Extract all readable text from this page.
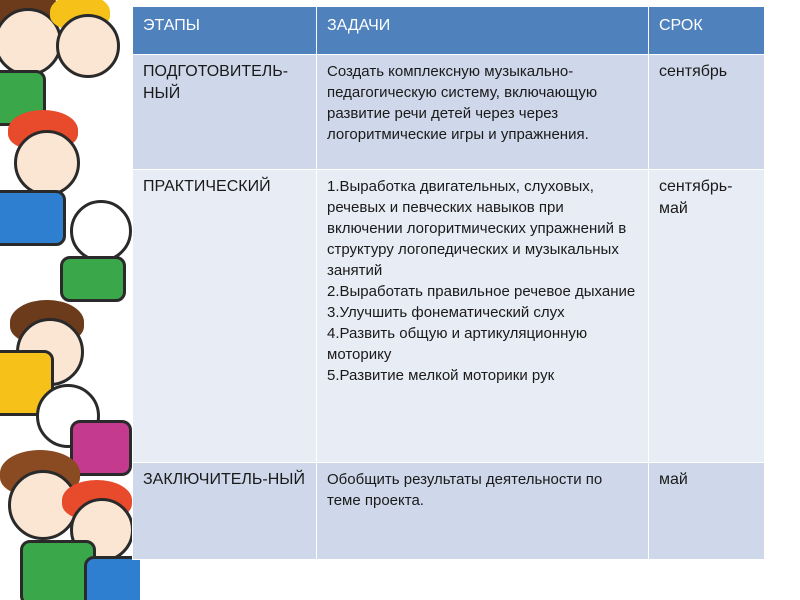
ЭТАПЫ	ЗАДАЧИ	СРОК
ПОДГОТОВИТЕЛЬ-НЫЙ	Создать комплексную музыкально-педагогическую систему, включающую развитие речи детей через через логоритмические игры и упражнения.	сентябрь
ПРАКТИЧЕСКИЙ	1.Выработка двигательных, слуховых, речевых и певческих навыков при включении логоритмических упражнений в структуру логопедических и музыкальных занятий
2.Выработать правильное речевое дыхание
3.Улучшить фонематический слух
4.Развить общую и артикуляционную моторику
5.Развитие мелкой моторики рук	сентябрь-май
ЗАКЛЮЧИТЕЛЬ-НЫЙ	Обобщить результаты деятельности по теме проекта.	май
